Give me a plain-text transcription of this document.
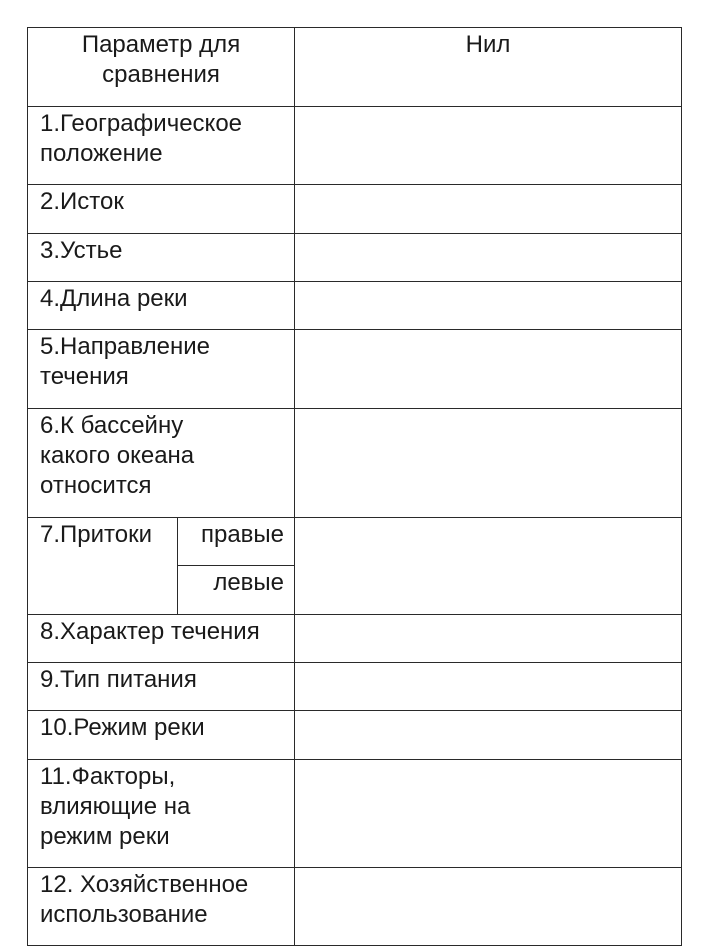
Параметр для
сравнения		Нил

1.Географическое
положение		

2.Исток		

3.Устье		

4.Длина реки		

5.Направление
течения		

6.К бассейну
какого океана
относится		

7.Притоки	правые	

	левые	

8.Характер течения		

9.Тип питания		

10.Режим реки		

11.Факторы,
влияющие на
режим реки		

12. Хозяйственное
использование		
